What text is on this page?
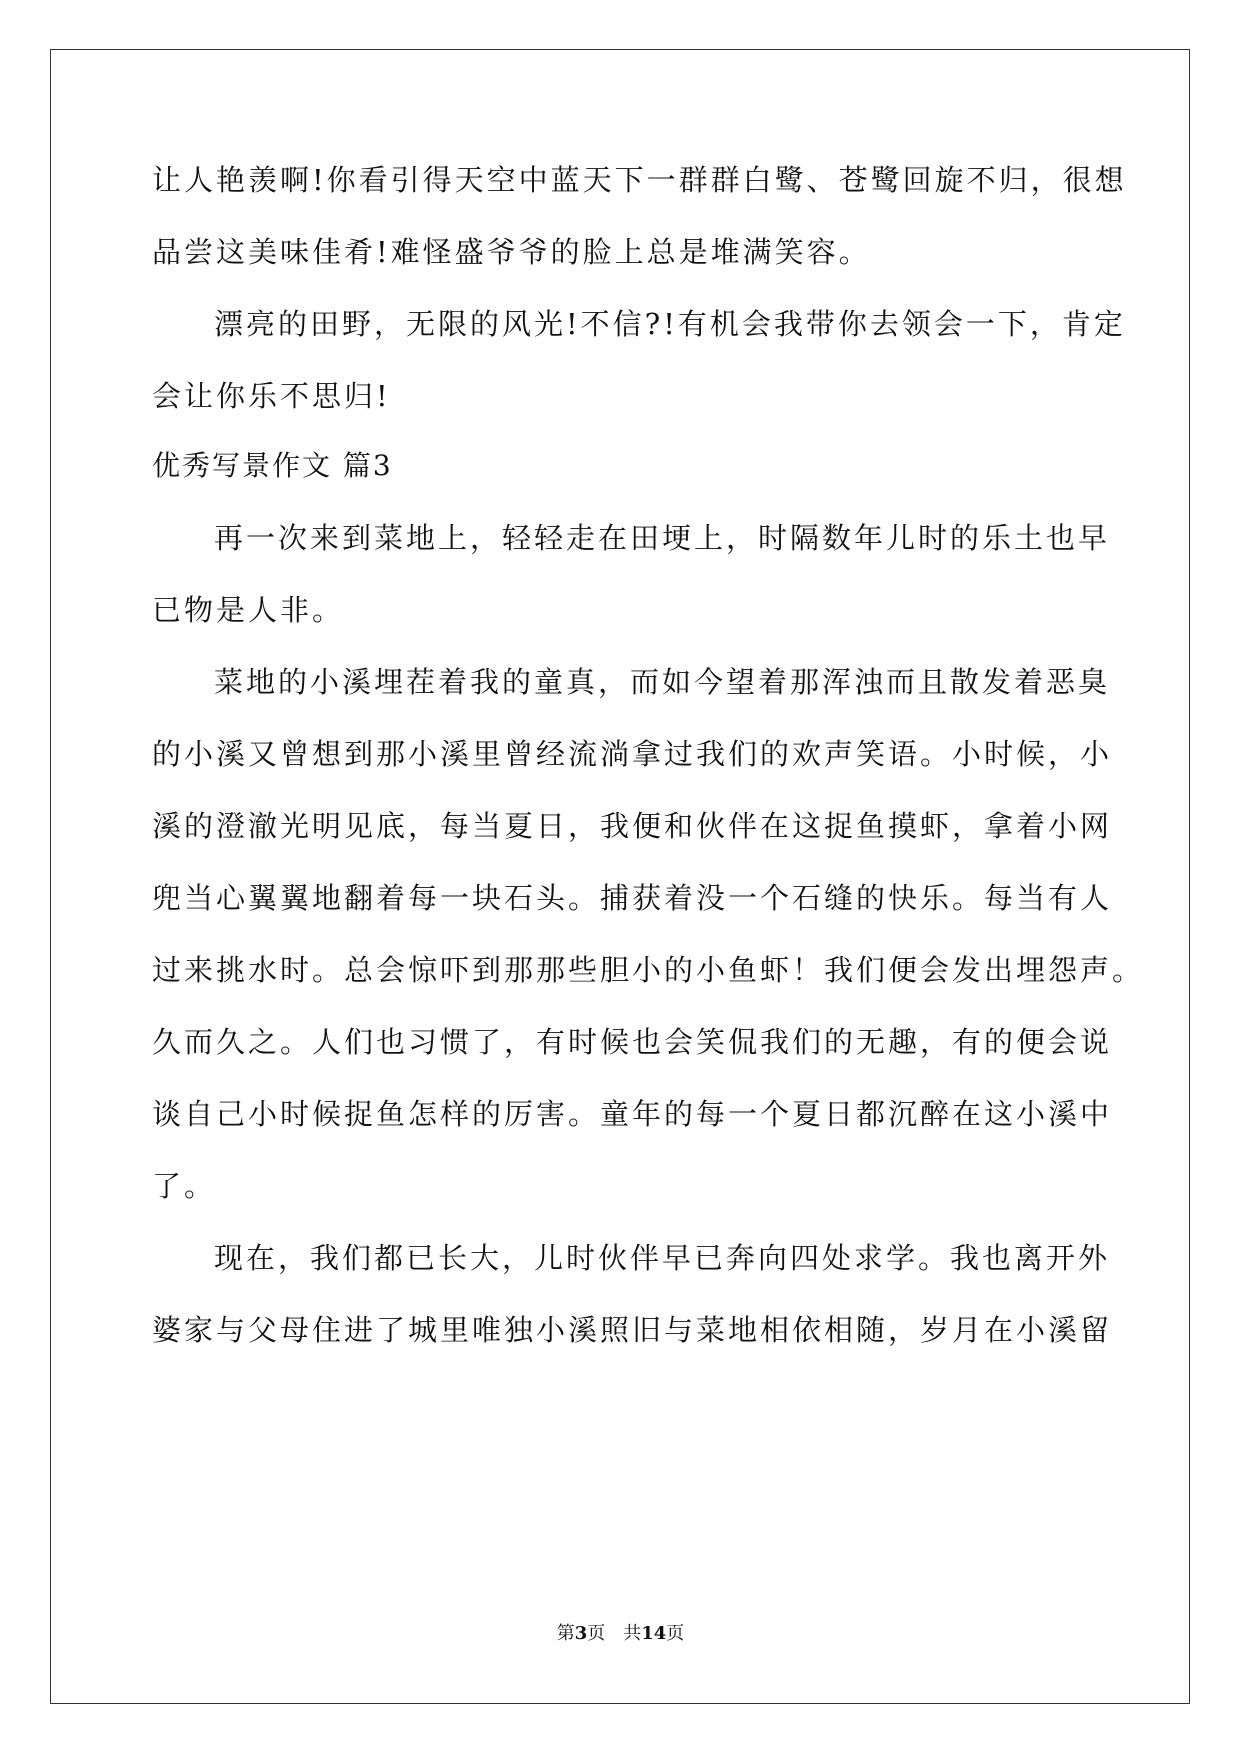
让人艳羡啊!你看引得天空中蓝天下一群群白鹭、苍鹭回旋不归，很想
品尝这美味佳肴!难怪盛爷爷的脸上总是堆满笑容。
漂亮的田野，无限的风光!不信?!有机会我带你去领会一下，肯定
会让你乐不思归!
优秀写景作文 篇3
再一次来到菜地上，轻轻走在田埂上，时隔数年儿时的乐土也早
已物是人非。
菜地的小溪埋茬着我的童真，而如今望着那浑浊而且散发着恶臭
的小溪又曾想到那小溪里曾经流淌拿过我们的欢声笑语。小时候，小
溪的澄澈光明见底，每当夏日，我便和伙伴在这捉鱼摸虾，拿着小网
兜当心翼翼地翻着每一块石头。捕获着没一个石缝的快乐。每当有人
过来挑水时。总会惊吓到那那些胆小的小鱼虾！我们便会发出埋怨声。
久而久之。人们也习惯了，有时候也会笑侃我们的无趣，有的便会说
谈自己小时候捉鱼怎样的厉害。童年的每一个夏日都沉醉在这小溪中
了。
现在，我们都已长大，儿时伙伴早已奔向四处求学。我也离开外
婆家与父母住进了城里唯独小溪照旧与菜地相依相随，岁月在小溪留
第3页 共14页
